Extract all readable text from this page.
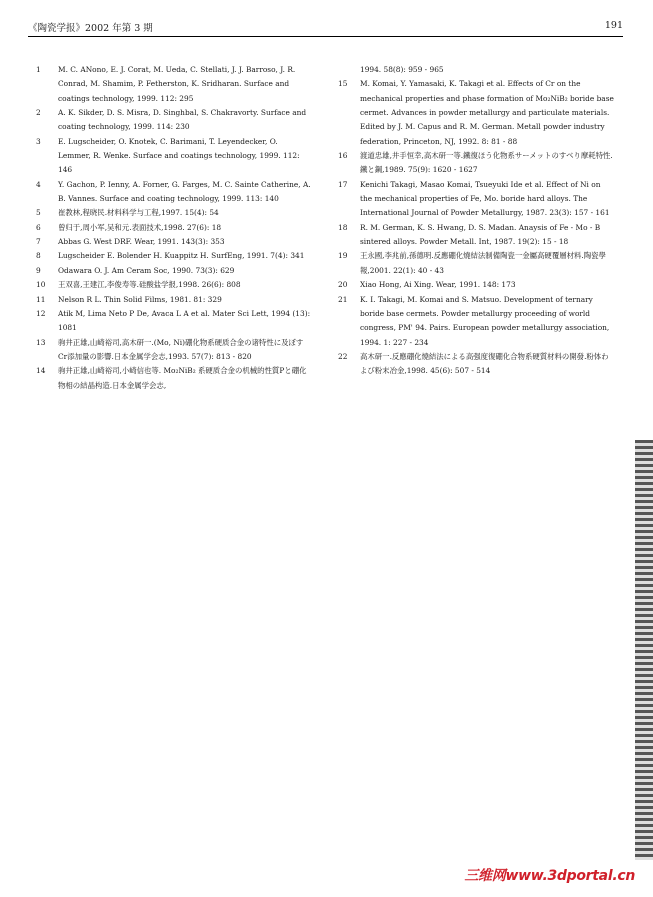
《陶瓷学报》2002 年第 3 期	191
1 M. C. ANono, E. J. Corat, M. Ueda, C. Stellati, J. J. Barroso, J. R. Conrad, M. Shamim, P. Fetherston, K. Sridharan. Surface and coatings technology, 1999. 112: 295
2 A. K. Sikder, D. S. Misra, D. Singhbal, S. Chakravorty. Surface and coating technology, 1999. 114: 230
3 E. Lugscheider, O. Knotek, C. Barimani, T. Leyendecker, O. Lemmer, R. Wenke. Surface and coatings technology, 1999. 112: 146
4 Y. Gachon, P. Ienny, A. Forner, G. Farges, M. C. Sainte Catherine, A. B. Vannes. Surface and coating technology, 1999. 113: 140
5 崔教林,程晓民.材料科学与工程,1997. 15(4): 54
6 曾归于,周小军,吴和元.表面技术,1998. 27(6): 18
7 Abbas G. West DRF. Wear, 1991. 143(3): 353
8 Lugscheider E. Bolender H. Kuappitz H. SurfEng, 1991. 7(4): 341
9 Odawara O. J. Am Ceram Soc, 1990. 73(3): 629
10 王双喜,王建江,李俊寿等.硅酸盐学报,1998. 26(6): 808
11 Nelson R L. Thin Solid Films, 1981. 81: 329
12 Atik M, Lima Neto P De, Avaca L A et al. Mater Sci Lett, 1994 (13): 1081
13 驹井正雄,山崎裕司,高木研一.(Mo, Ni)硼化物系硬质合金の诸特性に及ぼすCr添加量の影響.日本金属学会志,1993. 57(7): 813 - 820
14 驹井正雄,山崎裕司,小崎信也等. Mo₂NiB₂ 系硬质合金の机械的性質Pと硼化物相の結晶构造.日本金属学会志,
1994. 58(8): 959 - 965
15 M. Komai, Y. Yamasaki, K. Takagi et al. Effects of Cr on the mechanical properties and phase formation of Mo₂NiB₂ boride base cermet. Advances in powder metallurgy and particulate materials. Edited by J. M. Capus and R. M. German. Metall powder industry federation, Princeton, NJ, 1992. 8: 81 - 88
16 渡道忠雄,井手恒幸,高木研一等.鐵復ほう化物系サーメットのすべり摩耗特性.鐵と鋼,1989. 75(9): 1620 - 1627
17 Kenichi Takagi, Masao Komai, Tsueyuki Ide et al. Effect of Ni on the mechanical properties of Fe, Mo. boride hard alloys. The International Journal of Powder Metallurgy, 1987. 23(3): 157 - 161
18 R. M. German, K. S. Hwang, D. S. Madan. Anaysis of Fe - Mo - B sintered alloys. Powder Metall. Int, 1987. 19(2): 15 - 18
19 王永國,李兆前,孫德明.反應硼化燒結法制備陶瓷一金屬高硬覆層材料.陶瓷學報,2001. 22(1): 40 - 43
20 Xiao Hong, Ai Xing. Wear, 1991. 148: 173
21 K. I. Takagi, M. Komai and S. Matsuo. Development of ternary boride base cermets. Powder metallurgy proceeding of world congress, PM' 94. Pairs. European powder metallurgy association, 1994. 1: 227 - 234
22 高木研一.反應硼化燒結法による高强度復硼化合物系硬質材料の開發.粉体わよび粉末冶金,1998. 45(6): 507 - 514
三维网www.3dportal.cn
